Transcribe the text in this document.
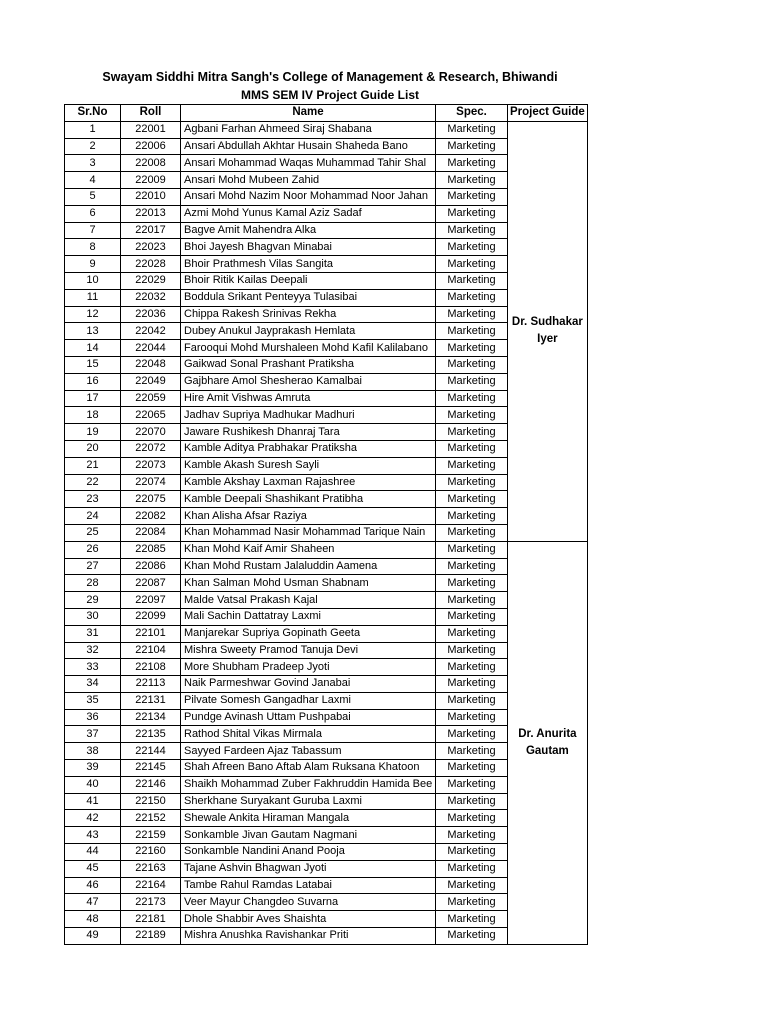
Swayam Siddhi Mitra Sangh's College of Management & Research, Bhiwandi
MMS SEM IV Project Guide List
Sr.No	Roll	Name	Spec.	Project Guide
1	22001	Agbani Farhan Ahmeed Siraj Shabana	Marketing	Dr. Sudhakar Iyer
2	22006	Ansari Abdullah Akhtar Husain Shaheda Bano	Marketing	
3	22008	Ansari Mohammad Waqas Muhammad Tahir Shal	Marketing	
4	22009	Ansari Mohd Mubeen Zahid	Marketing	
5	22010	Ansari Mohd Nazim Noor Mohammad Noor Jahan	Marketing	
6	22013	Azmi Mohd Yunus Kamal Aziz Sadaf	Marketing	
7	22017	Bagve Amit Mahendra Alka	Marketing	
8	22023	Bhoi Jayesh Bhagvan Minabai	Marketing	
9	22028	Bhoir Prathmesh Vilas Sangita	Marketing	
10	22029	Bhoir Ritik Kailas Deepali	Marketing	
11	22032	Boddula Srikant Penteyya Tulasibai	Marketing	
12	22036	Chippa Rakesh Srinivas Rekha	Marketing	
13	22042	Dubey Anukul Jayprakash Hemlata	Marketing	
14	22044	Farooqui Mohd Murshaleen Mohd Kafil Kalilabano	Marketing	
15	22048	Gaikwad Sonal Prashant Pratiksha	Marketing	
16	22049	Gajbhare Amol Shesherao Kamalbai	Marketing	
17	22059	Hire Amit Vishwas Amruta	Marketing	
18	22065	Jadhav Supriya Madhukar Madhuri	Marketing	
19	22070	Jaware Rushikesh Dhanraj Tara	Marketing	
20	22072	Kamble Aditya Prabhakar Pratiksha	Marketing	
21	22073	Kamble Akash Suresh Sayli	Marketing	
22	22074	Kamble Akshay Laxman Rajashree	Marketing	
23	22075	Kamble Deepali Shashikant Pratibha	Marketing	
24	22082	Khan Alisha Afsar Raziya	Marketing	
25	22084	Khan Mohammad Nasir Mohammad Tarique Nain	Marketing	
26	22085	Khan Mohd Kaif Amir Shaheen	Marketing	Dr. Anurita Gautam
27	22086	Khan Mohd Rustam Jalaluddin Aamena	Marketing	
28	22087	Khan Salman Mohd Usman Shabnam	Marketing	
29	22097	Malde Vatsal Prakash Kajal	Marketing	
30	22099	Mali Sachin Dattatray Laxmi	Marketing	
31	22101	Manjarekar Supriya Gopinath Geeta	Marketing	
32	22104	Mishra Sweety Pramod Tanuja Devi	Marketing	
33	22108	More Shubham Pradeep Jyoti	Marketing	
34	22113	Naik Parmeshwar Govind Janabai	Marketing	
35	22131	Pilvate Somesh Gangadhar Laxmi	Marketing	
36	22134	Pundge Avinash Uttam Pushpabai	Marketing	
37	22135	Rathod Shital Vikas Mirmala	Marketing	
38	22144	Sayyed Fardeen Ajaz Tabassum	Marketing	
39	22145	Shah Afreen Bano Aftab Alam Ruksana Khatoon	Marketing	
40	22146	Shaikh Mohammad Zuber Fakhruddin Hamida Bee	Marketing	
41	22150	Sherkhane Suryakant Guruba Laxmi	Marketing	
42	22152	Shewale Ankita Hiraman Mangala	Marketing	
43	22159	Sonkamble Jivan Gautam Nagmani	Marketing	
44	22160	Sonkamble Nandini Anand Pooja	Marketing	
45	22163	Tajane Ashvin Bhagwan Jyoti	Marketing	
46	22164	Tambe Rahul Ramdas Latabai	Marketing	
47	22173	Veer Mayur Changdeo Suvarna	Marketing	
48	22181	Dhole Shabbir Aves Shaishta	Marketing	
49	22189	Mishra Anushka Ravishankar Priti	Marketing	
